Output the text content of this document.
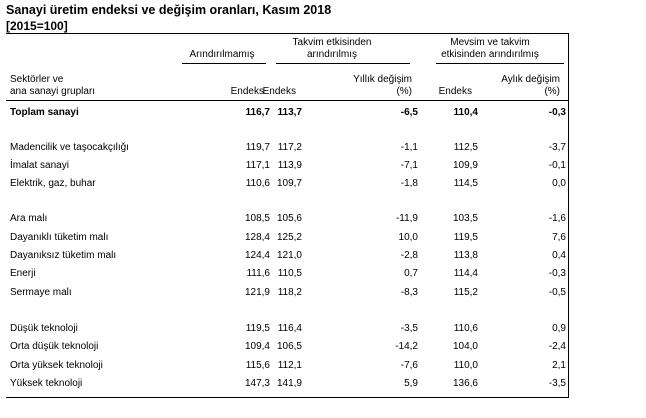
Sanayi üretim endeksi ve değişim oranları, Kasım 2018
[2015=100]
Arındırılmamış
Takvim etkisinden
arındırılmış
Mevsim ve takvim
etkisinden arındırılmış
Sektörler ve
ana sanayi grupları	Endeks
Endeks
Yıllık değişim
(%)	Endeks
Aylık değişim
(%)
Toplam sanayi	116,7 113,7	-6,5	110,4	-0,3
Madencilik ve taşocakçılığı	119,7 117,2	-1,1	112,5	-3,7
İmalat sanayi	117,1 113,9	-7,1	109,9	-0,1
Elektrik, gaz, buhar	110,6 109,7	-1,8	114,5	0,0
Ara malı	108,5 105,6	-11,9	103,5	-1,6
Dayanıklı tüketim malı	128,4 125,2	10,0	119,5	7,6
Dayanıksız tüketim malı	124,4 121,0	-2,8	113,8	0,4
Enerji	111,6 110,5	0,7	114,4	-0,3
Sermaye malı	121,9 118,2	-8,3	115,2	-0,5
Düşük teknoloji	119,5 116,4	-3,5	110,6	0,9
Orta düşük teknoloji	109,4 106,5	-14,2	104,0	-2,4
Orta yüksek teknoloji	115,6 112,1	-7,6	110,0	2,1
Yüksek teknoloji	147,3 141,9	5,9	136,6	-3,5
